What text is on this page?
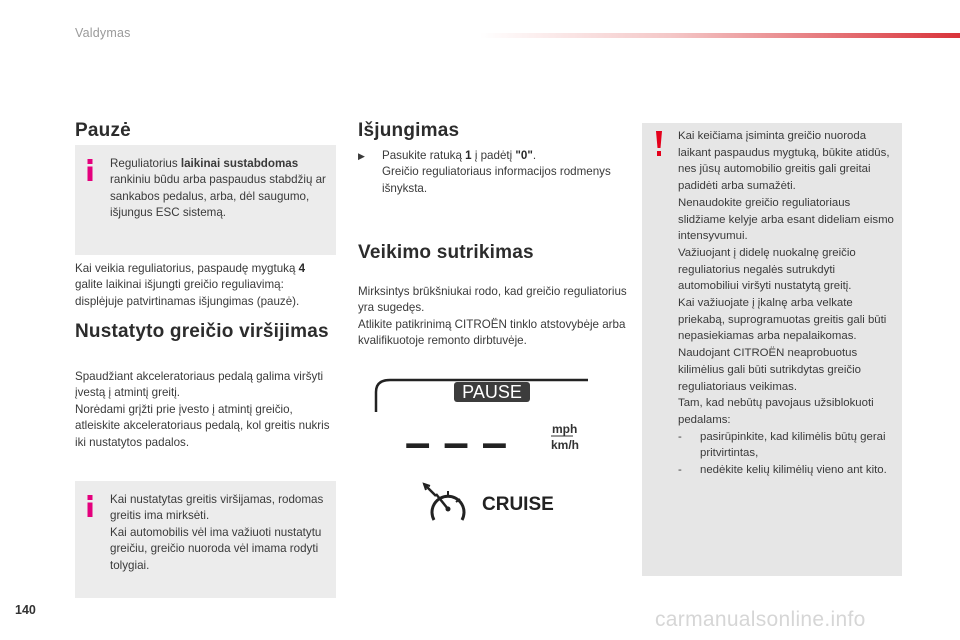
Valdymas
Pauzė
Reguliatorius laikinai sustabdomas rankiniu būdu arba paspaudus stabdžių ar sankabos pedalus, arba, dėl saugumo, išjungus ESC sistemą.
Kai veikia reguliatorius, paspaudę mygtuką 4 galite laikinai išjungti greičio reguliavimą: displėjuje patvirtinamas išjungimas (pauzė).
Nustatyto greičio viršijimas
Spaudžiant akceleratoriaus pedalą galima viršyti įvestą į atmintį greitį.
Norėdami grįžti prie įvesto į atmintį greičio, atleiskite akceleratoriaus pedalą, kol greitis nukris iki nustatytos padalos.
Kai nustatytas greitis viršijamas, rodomas greitis ima mirksėti.
Kai automobilis vėl ima važiuoti nustatytu greičiu, greičio nuoroda vėl imama rodyti tolygiai.
Išjungimas
▶	Pasukite ratuką 1 į padėtį "0".
Greičio reguliatoriaus informacijos rodmenys išnyksta.
Veikimo sutrikimas
Mirksintys brūkšniukai rodo, kad greičio reguliatorius yra sugedęs.
Atlikite patikrinimą CITROËN tinklo atstovybėje arba kvalifikuotoje remonto dirbtuvėje.
PAUSE
– – –	mph
km/h
CRUISE
Kai keičiama įsiminta greičio nuoroda laikant paspaudus mygtuką, būkite atidūs, nes jūsų automobilio greitis gali greitai padidėti arba sumažėti.
Nenaudokite greičio reguliatoriaus slidžiame kelyje arba esant dideliam eismo intensyvumui.
Važiuojant į didelę nuokalnę greičio reguliatorius negalės sutrukdyti automobiliui viršyti nustatytą greitį.
Kai važiuojate į įkalnę arba velkate priekabą, suprogramuotas greitis gali būti nepasiekiamas arba nepalaikomas.
Naudojant CITROËN neaprobuotus kilimėlius gali būti sutrikdytas greičio reguliatoriaus veikimas.
Tam, kad nebūtų pavojaus užsiblokuoti pedalams:
-	pasirūpinkite, kad kilimėlis būtų gerai pritvirtintas,
-	nedėkite kelių kilimėlių vieno ant kito.
140	carmanualsonline.info
